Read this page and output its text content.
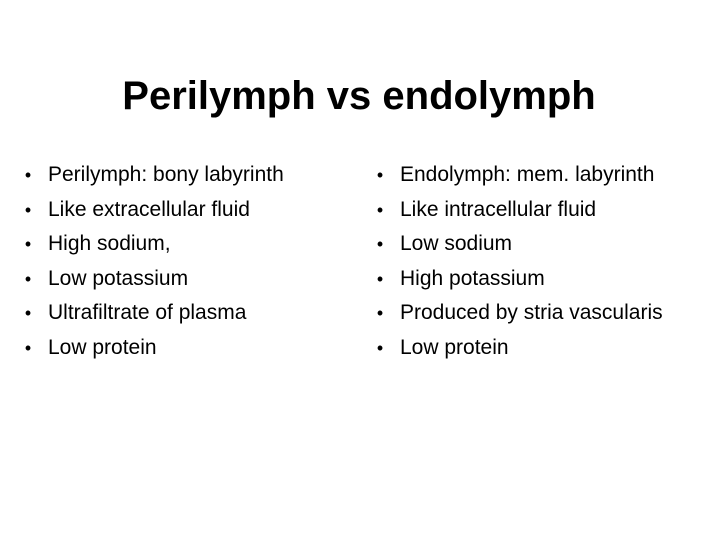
Perilymph vs endolymph
• Perilymph: bony labyrinth
• Like extracellular fluid
• High sodium,
• Low potassium
• Ultrafiltrate of plasma
• Low protein
• Endolymph: mem. labyrinth
• Like intracellular fluid
• Low sodium
• High potassium
• Produced by stria vascularis
• Low protein
